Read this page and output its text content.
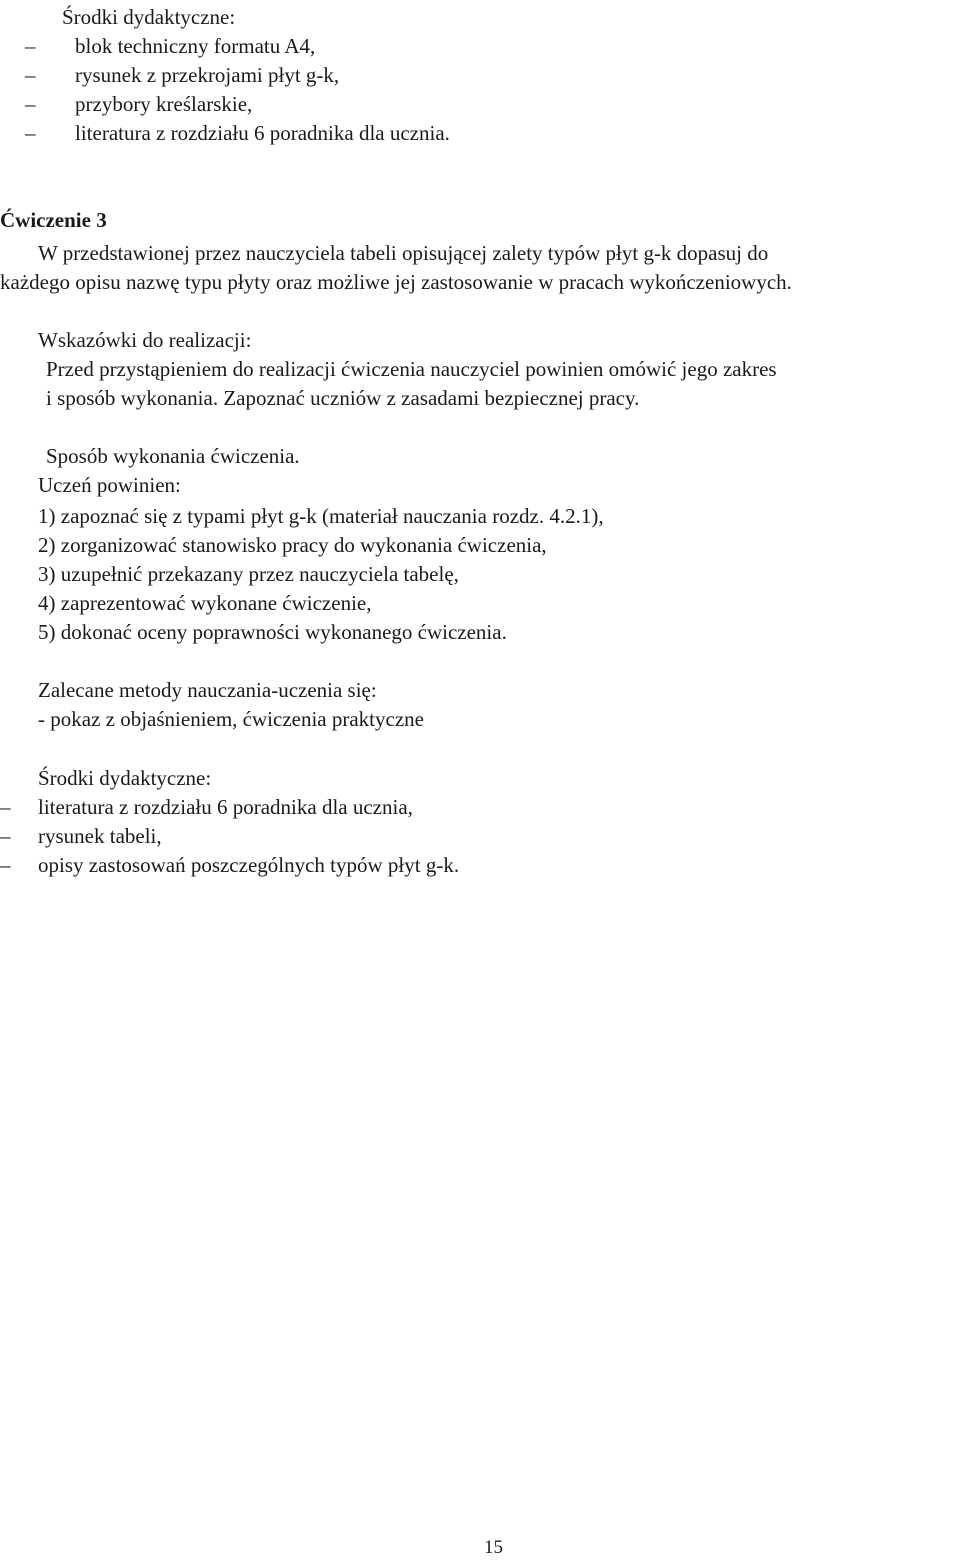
Środki dydaktyczne:
–	blok techniczny formatu A4,
–	rysunek z przekrojami płyt g-k,
–	przybory kreślarskie,
–	literatura z rozdziału 6 poradnika dla ucznia.
Ćwiczenie 3
W przedstawionej przez nauczyciela tabeli opisującej zalety typów płyt g-k dopasuj do
każdego opisu nazwę typu płyty oraz możliwe jej zastosowanie w pracach wykończeniowych.
Wskazówki do realizacji:
Przed przystąpieniem do realizacji ćwiczenia nauczyciel powinien omówić jego zakres
i sposób wykonania. Zapoznać uczniów z zasadami bezpiecznej pracy.
Sposób wykonania ćwiczenia.
Uczeń powinien:
1) zapoznać się z typami płyt g-k (materiał nauczania rozdz. 4.2.1),
2) zorganizować stanowisko pracy do wykonania ćwiczenia,
3) uzupełnić przekazany przez nauczyciela tabelę,
4) zaprezentować wykonane ćwiczenie,
5) dokonać oceny poprawności wykonanego ćwiczenia.
Zalecane metody nauczania-uczenia się:
- pokaz z objaśnieniem, ćwiczenia praktyczne
Środki dydaktyczne:
–	literatura z rozdziału 6 poradnika dla ucznia,
–	rysunek tabeli,
–	opisy zastosowań poszczególnych typów płyt g-k.
15
